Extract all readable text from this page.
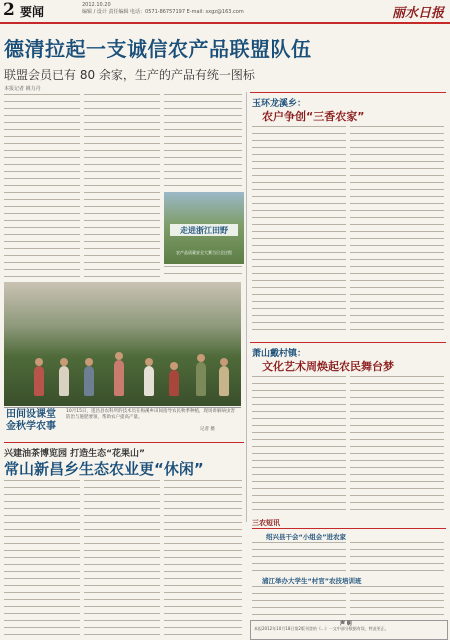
2 要闻	2012.10.20
编辑 / 设计 责任编辑 电话：0571-86757197 E-mail: sxgz@163.com	丽水日报
德清拉起一支诚信农产品联盟队伍
联盟会员已有 80 余家，生产的产品有统一图标
本报记者 姚力丹
走进浙江田野
农产品质量安全大赛当日全过程
田间设课堂
金秋学农事
10月15日，遂昌县农科所的技术员在梅溪乡田间指导农民秋季种植，现场讲解病虫害防治与施肥要领，帮助农户提高产量。
记者 摄
玉环龙溪乡：
农户争创“三香农家”
萧山戴村镇：
文化艺术周焕起农民舞台梦
兴建油茶博览园 打造生态“花果山”
常山新昌乡生态农业更“休闲”
三农短讯
绍兴县干会“小组会”进农家
浦江举办大学生“村官”农技培训班
声 明
本报2012年10月18日第2版刊登的《...》一文中部分数据有误，特此更正。
